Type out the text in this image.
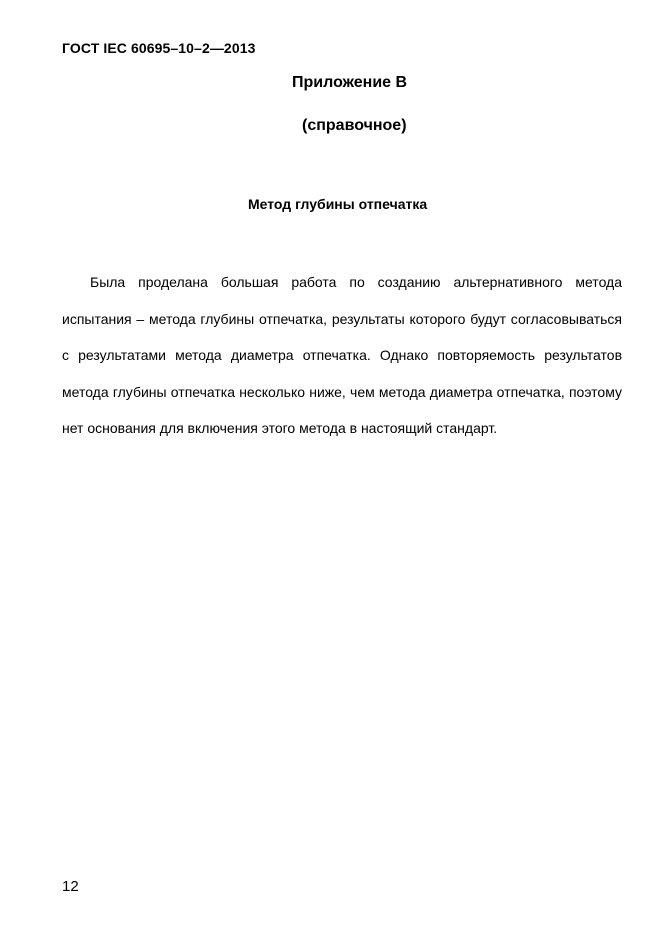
ГОСТ IEC 60695–10–2—2013
Приложение В
(справочное)
Метод глубины отпечатка

Была проделана большая работа по созданию альтернативного метода испытания – метода глубины отпечатка, результаты которого будут согласовываться с результатами метода диаметра отпечатка. Однако повторяемость результатов метода глубины отпечатка несколько ниже, чем метода диаметра отпечатка, поэтому нет основания для включения этого метода в настоящий стандарт.

12
